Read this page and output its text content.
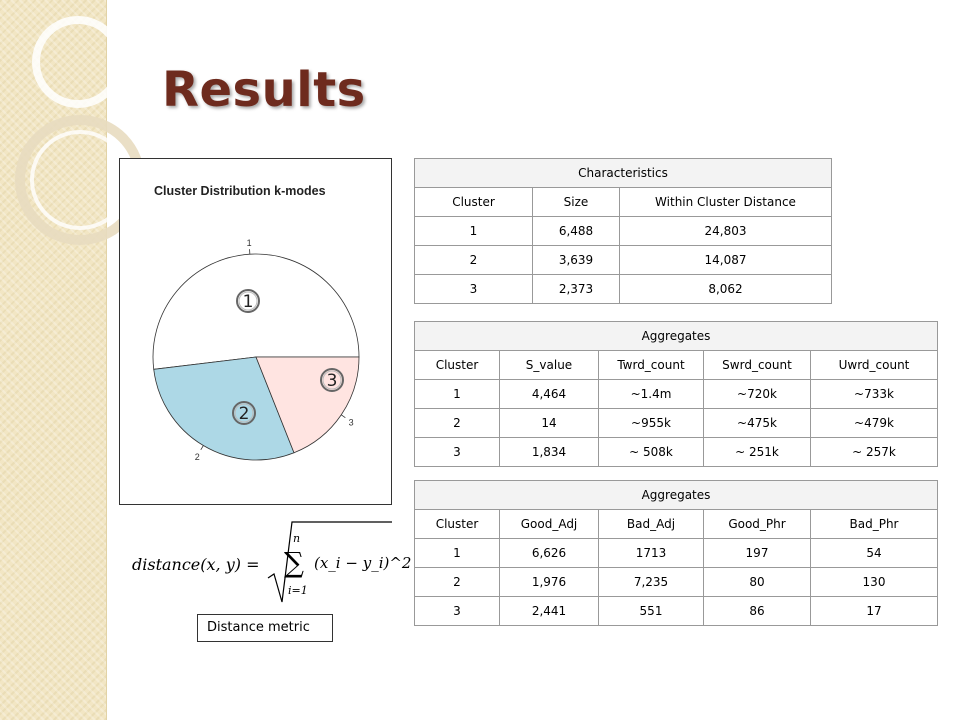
Results
Cluster Distribution k-modes
1
2
3
1
2
3
Characteristics		
Cluster	Size	Within Cluster Distance
1	6,488	24,803
2	3,639	14,087
3	2,373	8,062
Aggregates				
Cluster	S_value	Twrd_count	Swrd_count	Uwrd_count
1	4,464	~1.4m	~720k	~733k
2	14	~955k	~475k	~479k
3	1,834	~ 508k	~ 251k	~ 257k
Aggregates				
Cluster	Good_Adj	Bad_Adj	Good_Phr	Bad_Phr
1	6,626	1713	197	54
2	1,976	7,235	80	130
3	2,441	551	86	17
distance(x, y) =
n
∑
i=1
(x_i − y_i)^2
Distance metric
